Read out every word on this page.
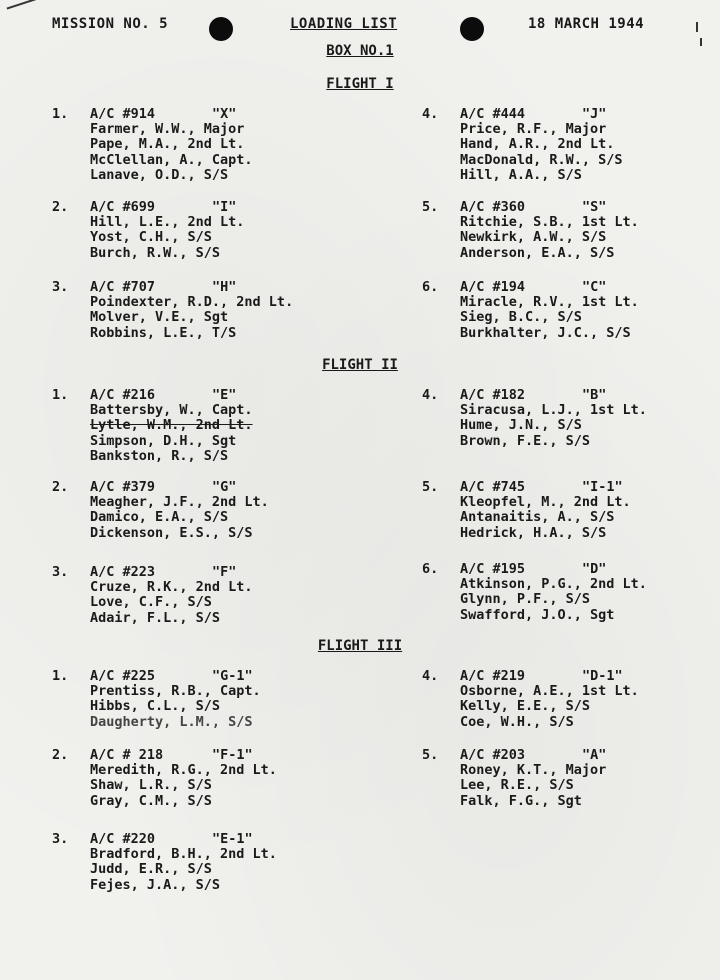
MISSION NO. 5	LOADING LIST	18 MARCH 1944
BOX NO.1
FLIGHT I
1. A/C #914	"X"
Farmer, W.W., Major
Pape, M.A., 2nd Lt.
McClellan, A., Capt.
Lanave, O.D., S/S
2. A/C #699	"I"
Hill, L.E., 2nd Lt.
Yost, C.H., S/S
Burch, R.W., S/S
3. A/C #707	"H"
Poindexter, R.D., 2nd Lt.
Molver, V.E., Sgt
Robbins, L.E., T/S
4. A/C #444	"J"
Price, R.F., Major
Hand, A.R., 2nd Lt.
MacDonald, R.W., S/S
Hill, A.A., S/S
5. A/C #360	"S"
Ritchie, S.B., 1st Lt.
Newkirk, A.W., S/S
Anderson, E.A., S/S
6. A/C #194	"C"
Miracle, R.V., 1st Lt.
Sieg, B.C., S/S
Burkhalter, J.C., S/S
FLIGHT II
1. A/C #216	"E"
Battersby, W., Capt.
Lytle, W.M., 2nd Lt.
Simpson, D.H., Sgt
Bankston, R., S/S
2. A/C #379	"G"
Meagher, J.F., 2nd Lt.
Damico, E.A., S/S
Dickenson, E.S., S/S
3. A/C #223	"F"
Cruze, R.K., 2nd Lt.
Love, C.F., S/S
Adair, F.L., S/S
4. A/C #182	"B"
Siracusa, L.J., 1st Lt.
Hume, J.N., S/S
Brown, F.E., S/S
5. A/C #745	"I-1"
Kleopfel, M., 2nd Lt.
Antanaitis, A., S/S
Hedrick, H.A., S/S
6. A/C #195	"D"
Atkinson, P.G., 2nd Lt.
Glynn, P.F., S/S
Swafford, J.O., Sgt
FLIGHT III
1. A/C #225	"G-1"
Prentiss, R.B., Capt.
Hibbs, C.L., S/S
Daugherty, L.M., S/S
2. A/C # 218	"F-1"
Meredith, R.G., 2nd Lt.
Shaw, L.R., S/S
Gray, C.M., S/S
3. A/C #220	"E-1"
Bradford, B.H., 2nd Lt.
Judd, E.R., S/S
Fejes, J.A., S/S
4. A/C #219	"D-1"
Osborne, A.E., 1st Lt.
Kelly, E.E., S/S
Coe, W.H., S/S
5. A/C #203	"A"
Roney, K.T., Major
Lee, R.E., S/S
Falk, F.G., Sgt
